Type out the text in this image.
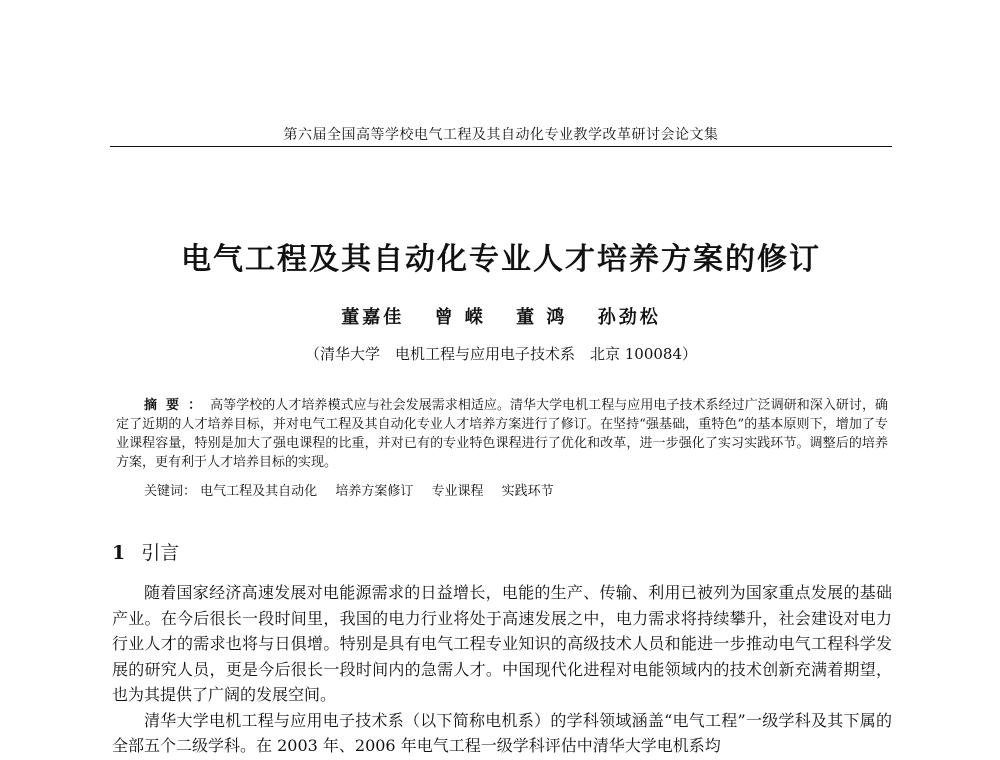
第六届全国高等学校电气工程及其自动化专业教学改革研讨会论文集
电气工程及其自动化专业人才培养方案的修订
董嘉佳 曾 嵘 董 鸿 孙劲松
（清华大学　电机工程与应用电子技术系　北京 100084）
摘要：高等学校的人才培养模式应与社会发展需求相适应。清华大学电机工程与应用电子技术系经过广泛调研和深入研讨，确定了近期的人才培养目标，并对电气工程及其自动化专业人才培养方案进行了修订。在坚持“强基础，重特色”的基本原则下，增加了专业课程容量，特别是加大了强电课程的比重，并对已有的专业特色课程进行了优化和改革，进一步强化了实习实践环节。调整后的培养方案，更有利于人才培养目标的实现。
关键词： 电气工程及其自动化 培养方案修订 专业课程 实践环节
1 引言

随着国家经济高速发展对电能源需求的日益增长，电能的生产、传输、利用已被列为国家重点发展的基础产业。在今后很长一段时间里，我国的电力行业将处于高速发展之中，电力需求将持续攀升，社会建设对电力行业人才的需求也将与日俱增。特别是具有电气工程专业知识的高级技术人员和能进一步推动电气工程科学发展的研究人员，更是今后很长一段时间内的急需人才。中国现代化进程对电能领域内的技术创新充满着期望，也为其提供了广阔的发展空间。

清华大学电机工程与应用电子技术系（以下简称电机系）的学科领域涵盖“电气工程”一级学科及其下属的全部五个二级学科。在 2003 年、2006 年电气工程一级学科评估中清华大学电机系均
